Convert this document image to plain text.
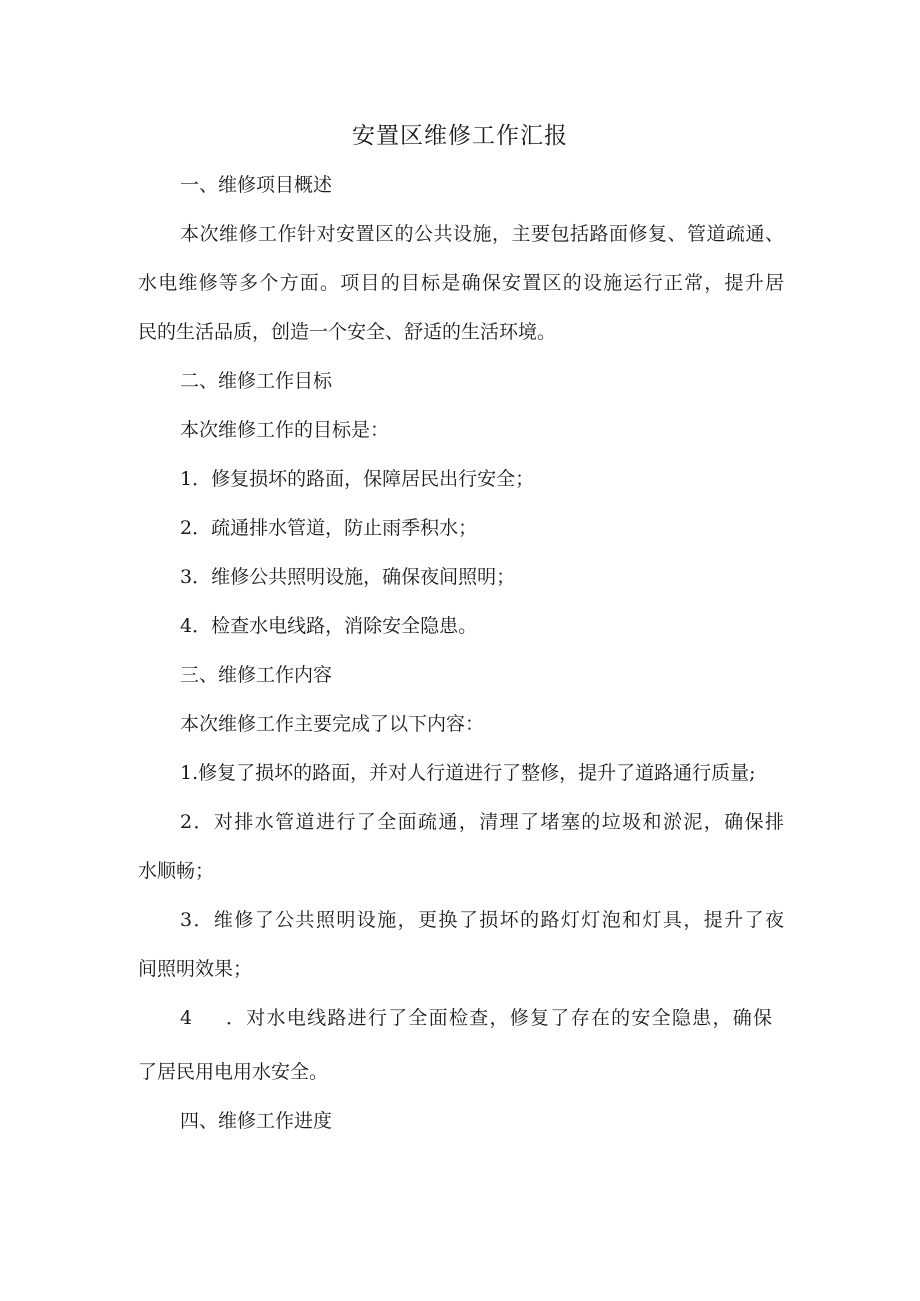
安置区维修工作汇报
一、维修项目概述
本次维修工作针对安置区的公共设施，主要包括路面修复、管道疏通、
水电维修等多个方面。项目的目标是确保安置区的设施运行正常，提升居
民的生活品质，创造一个安全、舒适的生活环境。
二、维修工作目标
本次维修工作的目标是：
1．修复损坏的路面，保障居民出行安全；
2．疏通排水管道，防止雨季积水；
3．维修公共照明设施，确保夜间照明；
4．检查水电线路，消除安全隐患。
三、维修工作内容
本次维修工作主要完成了以下内容：
1.修复了损坏的路面，并对人行道进行了整修，提升了道路通行质量;
2．对排水管道进行了全面疏通，清理了堵塞的垃圾和淤泥，确保排
水顺畅；
3．维修了公共照明设施，更换了损坏的路灯灯泡和灯具，提升了夜
间照明效果；
4 ．对水电线路进行了全面检查，修复了存在的安全隐患，确保
了居民用电用水安全。
四、维修工作进度
